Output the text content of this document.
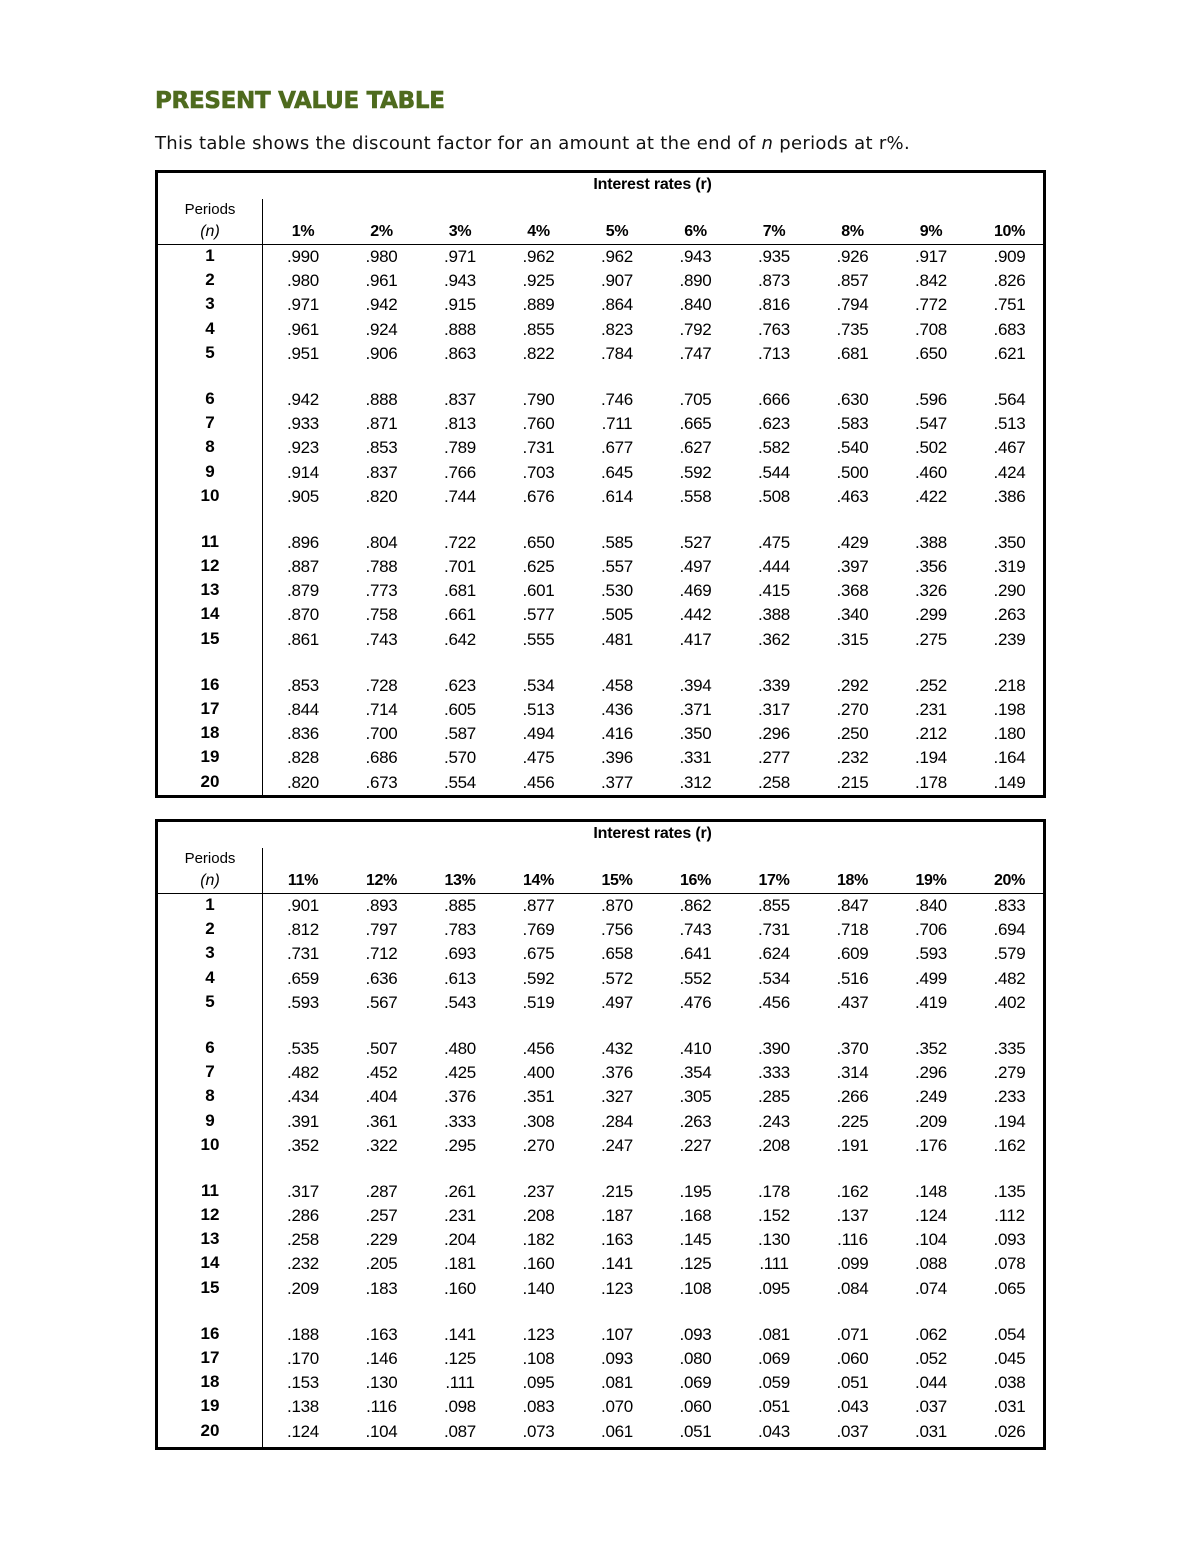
PRESENT VALUE TABLE
This table shows the discount factor for an amount at the end of n periods at r%.
Interest rates (r)
Periods
(n)	1%	2%	3%	4%	5%	6%	7%	8%	9%	10%
1	.990	.980	.971	.962	.962	.943	.935	.926	.917	.909
2	.980	.961	.943	.925	.907	.890	.873	.857	.842	.826
3	.971	.942	.915	.889	.864	.840	.816	.794	.772	.751
4	.961	.924	.888	.855	.823	.792	.763	.735	.708	.683
5	.951	.906	.863	.822	.784	.747	.713	.681	.650	.621
6	.942	.888	.837	.790	.746	.705	.666	.630	.596	.564
7	.933	.871	.813	.760	.711	.665	.623	.583	.547	.513
8	.923	.853	.789	.731	.677	.627	.582	.540	.502	.467
9	.914	.837	.766	.703	.645	.592	.544	.500	.460	.424
10	.905	.820	.744	.676	.614	.558	.508	.463	.422	.386
11	.896	.804	.722	.650	.585	.527	.475	.429	.388	.350
12	.887	.788	.701	.625	.557	.497	.444	.397	.356	.319
13	.879	.773	.681	.601	.530	.469	.415	.368	.326	.290
14	.870	.758	.661	.577	.505	.442	.388	.340	.299	.263
15	.861	.743	.642	.555	.481	.417	.362	.315	.275	.239
16	.853	.728	.623	.534	.458	.394	.339	.292	.252	.218
17	.844	.714	.605	.513	.436	.371	.317	.270	.231	.198
18	.836	.700	.587	.494	.416	.350	.296	.250	.212	.180
19	.828	.686	.570	.475	.396	.331	.277	.232	.194	.164
20	.820	.673	.554	.456	.377	.312	.258	.215	.178	.149
Interest rates (r)
Periods
(n)	11%	12%	13%	14%	15%	16%	17%	18%	19%	20%
1	.901	.893	.885	.877	.870	.862	.855	.847	.840	.833
2	.812	.797	.783	.769	.756	.743	.731	.718	.706	.694
3	.731	.712	.693	.675	.658	.641	.624	.609	.593	.579
4	.659	.636	.613	.592	.572	.552	.534	.516	.499	.482
5	.593	.567	.543	.519	.497	.476	.456	.437	.419	.402
6	.535	.507	.480	.456	.432	.410	.390	.370	.352	.335
7	.482	.452	.425	.400	.376	.354	.333	.314	.296	.279
8	.434	.404	.376	.351	.327	.305	.285	.266	.249	.233
9	.391	.361	.333	.308	.284	.263	.243	.225	.209	.194
10	.352	.322	.295	.270	.247	.227	.208	.191	.176	.162
11	.317	.287	.261	.237	.215	.195	.178	.162	.148	.135
12	.286	.257	.231	.208	.187	.168	.152	.137	.124	.112
13	.258	.229	.204	.182	.163	.145	.130	.116	.104	.093
14	.232	.205	.181	.160	.141	.125	.111	.099	.088	.078
15	.209	.183	.160	.140	.123	.108	.095	.084	.074	.065
16	.188	.163	.141	.123	.107	.093	.081	.071	.062	.054
17	.170	.146	.125	.108	.093	.080	.069	.060	.052	.045
18	.153	.130	.111	.095	.081	.069	.059	.051	.044	.038
19	.138	.116	.098	.083	.070	.060	.051	.043	.037	.031
20	.124	.104	.087	.073	.061	.051	.043	.037	.031	.026
